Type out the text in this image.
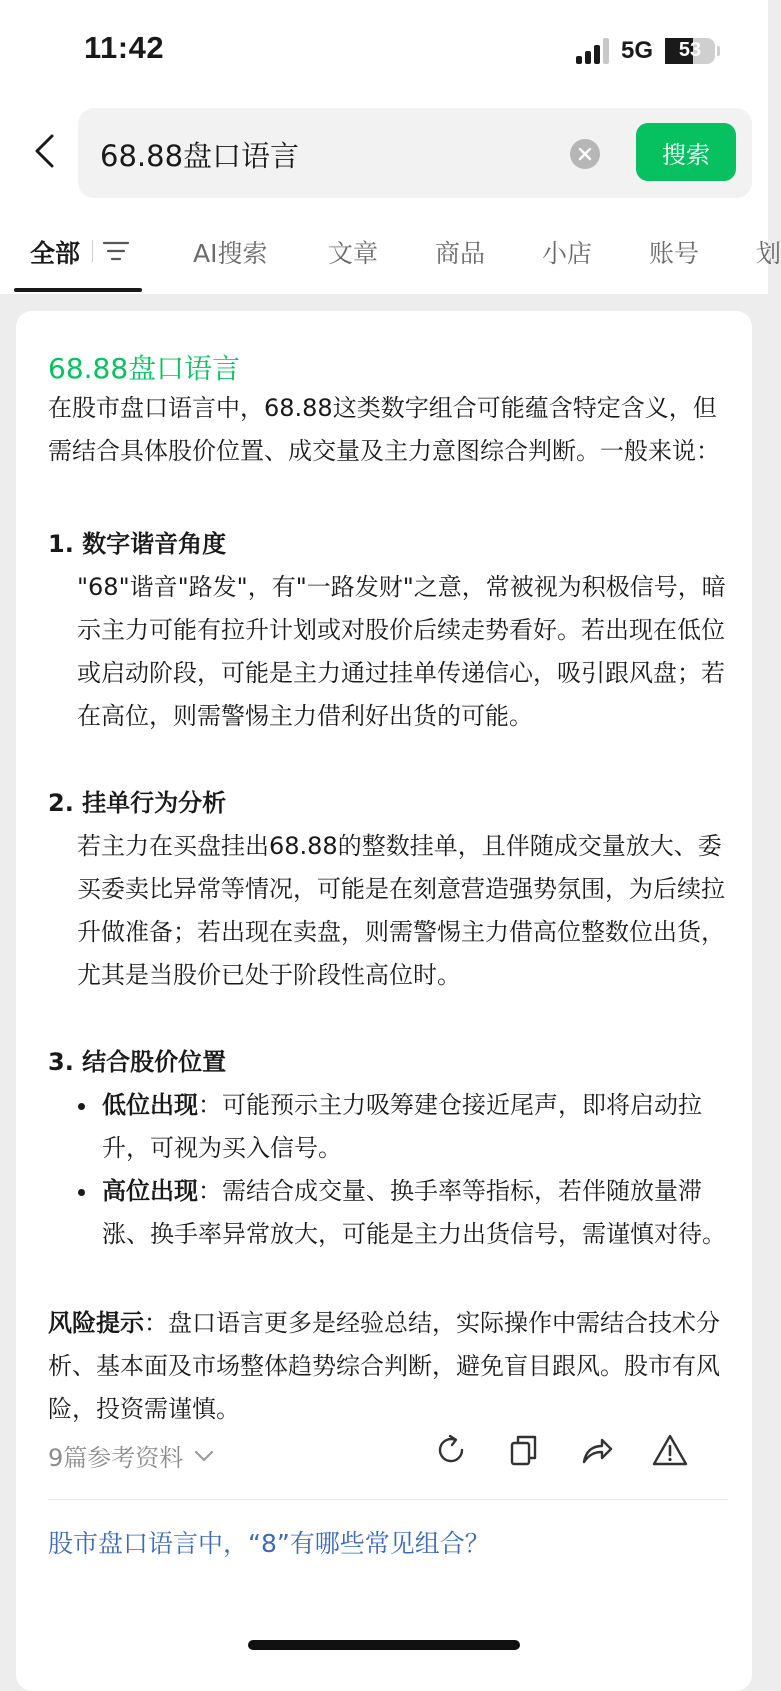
11:42	5G	53
68.88盘口语言	搜索
全部	AI搜索 文章 商品 小店 账号 划
68.88盘口语言
在股市盘口语言中，68.88这类数字组合可能蕴含特定含义，但需结合具体股价位置、成交量及主力意图综合判断。一般来说：
1. 数字谐音角度
"68"谐音"路发"，有"一路发财"之意，常被视为积极信号，暗示主力可能有拉升计划或对股价后续走势看好。若出现在低位或启动阶段，可能是主力通过挂单传递信心，吸引跟风盘；若在高位，则需警惕主力借利好出货的可能。
2. 挂单行为分析
若主力在买盘挂出68.88的整数挂单，且伴随成交量放大、委买委卖比异常等情况，可能是在刻意营造强势氛围，为后续拉升做准备；若出现在卖盘，则需警惕主力借高位整数位出货，尤其是当股价已处于阶段性高位时。
3. 结合股价位置
低位出现：可能预示主力吸筹建仓接近尾声，即将启动拉升，可视为买入信号。
高位出现：需结合成交量、换手率等指标，若伴随放量滞涨、换手率异常放大，可能是主力出货信号，需谨慎对待。
风险提示：盘口语言更多是经验总结，实际操作中需结合技术分析、基本面及市场整体趋势综合判断，避免盲目跟风。股市有风险，投资需谨慎。
9篇参考资料
股市盘口语言中，“8”有哪些常见组合？
